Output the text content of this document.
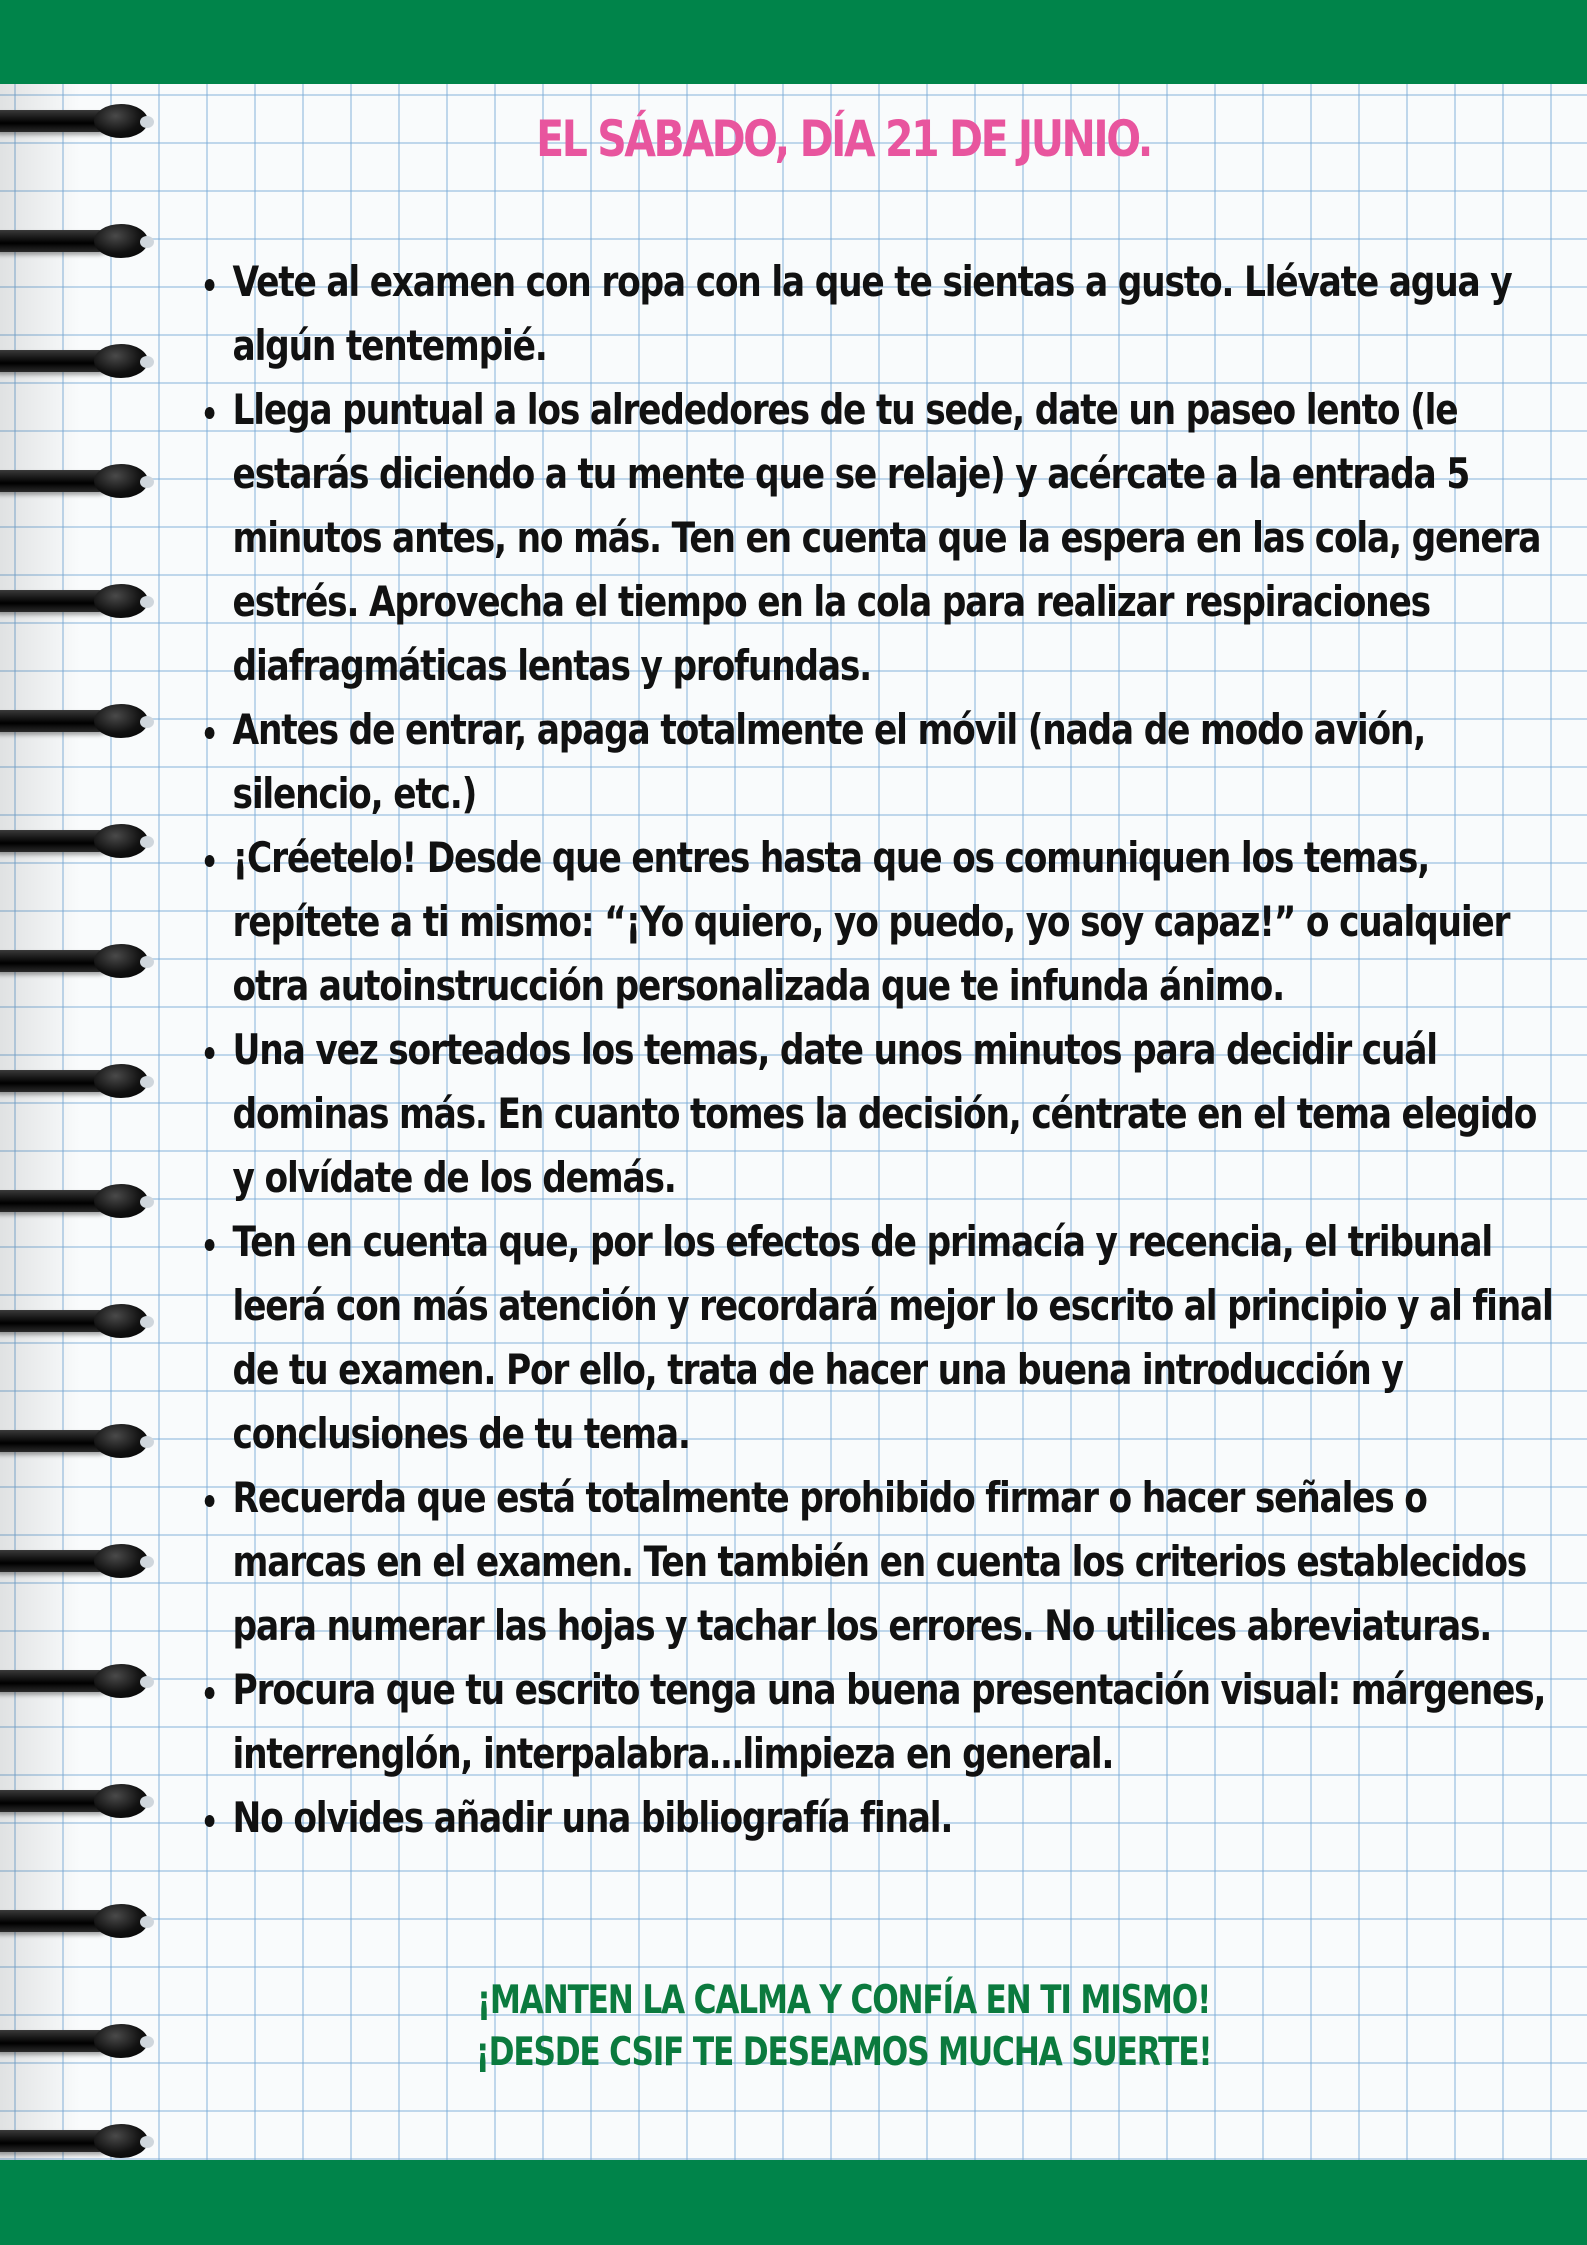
EL SÁBADO, DÍA 21 DE JUNIO.
• Vete al examen con ropa con la que te sientas a gusto. Llévate agua y algún tentempié.
• Llega puntual a los alrededores de tu sede, date un paseo lento (le estarás diciendo a tu mente que se relaje) y acércate a la entrada 5 minutos antes, no más. Ten en cuenta que la espera en las cola, genera estrés. Aprovecha el tiempo en la cola para realizar respiraciones diafragmáticas lentas y profundas.
• Antes de entrar, apaga totalmente el móvil (nada de modo avión, silencio, etc.)
• ¡Créetelo! Desde que entres hasta que os comuniquen los temas, repítete a ti mismo: “¡Yo quiero, yo puedo, yo soy capaz!” o cualquier otra autoinstrucción personalizada que te infunda ánimo.
• Una vez sorteados los temas, date unos minutos para decidir cuál dominas más. En cuanto tomes la decisión, céntrate en el tema elegido y olvídate de los demás.
• Ten en cuenta que, por los efectos de primacía y recencia, el tribunal leerá con más atención y recordará mejor lo escrito al principio y al final de tu examen. Por ello, trata de hacer una buena introducción y conclusiones de tu tema.
• Recuerda que está totalmente prohibido firmar o hacer señales o marcas en el examen. Ten también en cuenta los criterios establecidos para numerar las hojas y tachar los errores. No utilices abreviaturas.
• Procura que tu escrito tenga una buena presentación visual: márgenes, interrenglón, interpalabra…limpieza en general.
• No olvides añadir una bibliografía final.
¡MANTEN LA CALMA Y CONFÍA EN TI MISMO!
¡DESDE CSIF TE DESEAMOS MUCHA SUERTE!
